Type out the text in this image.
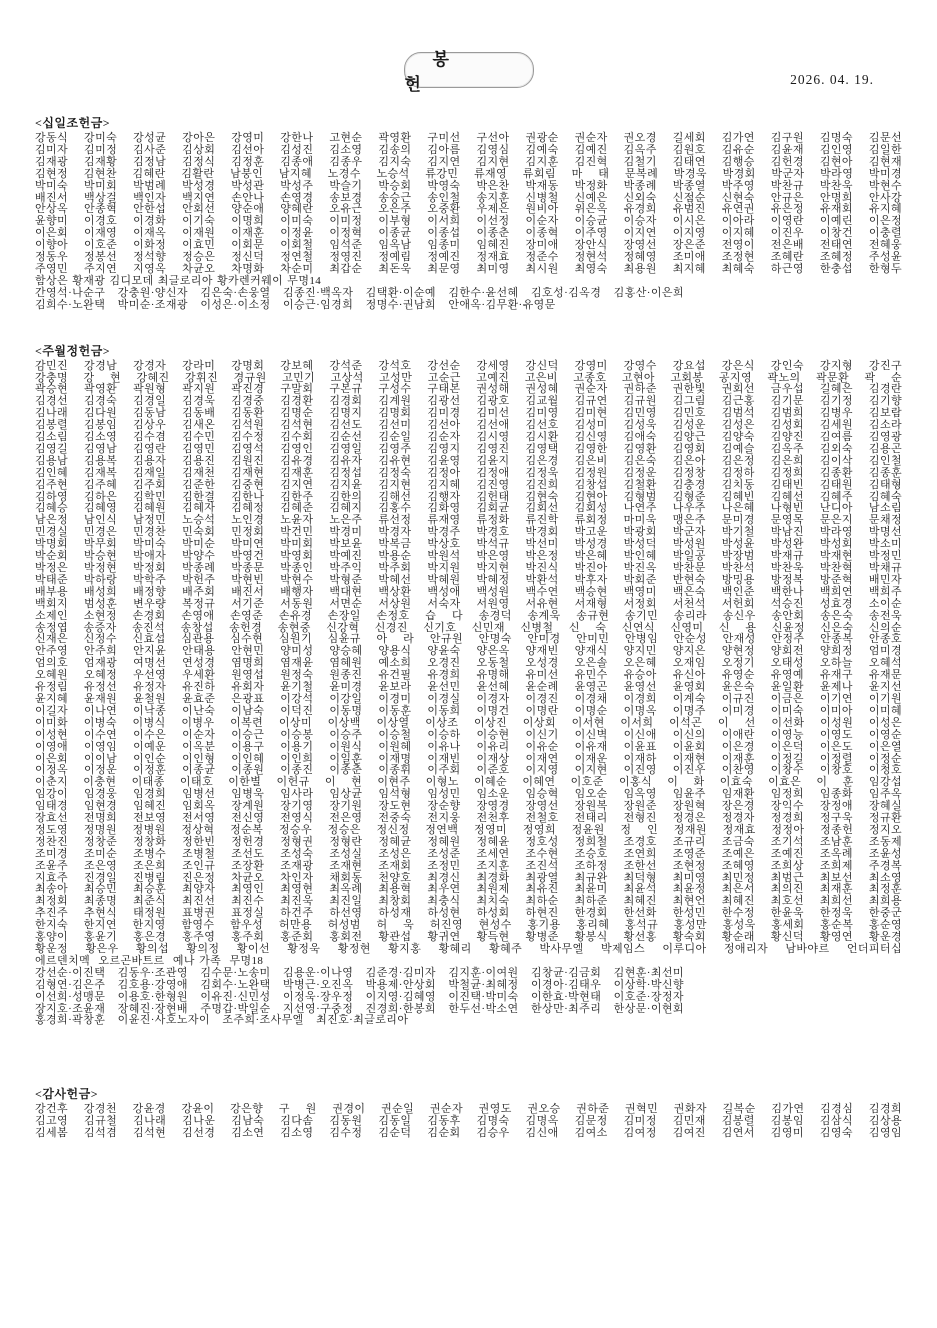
봉 헌	2026. 04. 19.
<십일조헌금>
강동식 강미숙 강성균 강아은 강영미 강한나 고현순 곽영환 구미선 구선아 권광순 권순자 권오경 길세회 김가연 김구원 김명숙 김문선
김미자 김미정 김사준 김상회 김선아 김성진 김소영 김송의 김아름 김영심 김예숙 김예진 김옥주 김원호 김유순 김윤재 김인영 김일한
김재광 김재황 김정남 김정식 김정훈 김종애 김종우 김지숙 김지연 김지현 김지훈 김진혁 김철기 김태연 김행승 김헌경 김현아 김현재
김현정 김현찬 김혜란 김활란 남붕인 남지혜 노경수 노승석 류강민 류재영 류회림 마 태 문복례 박경욱 박경회 박군자 박라영 박미경
박미숙 박미회 박범례 박성경 박성관 박성주 박슬기 박승회 박영숙 박은찬 박재동 박정화 박종례 박종열 박주영 박찬규 박찬욱 박현수
배진서 백상걸 백인자 백지연 손안나 손영경 송보경 송승근 송인철 송지훈 신병철 신예은 신외숙 신점순 신현숙 안규은 안명희 안사강
안상옥 안종혁 안한섭 안회선 양순애 양혜란 오유근 오은주 오중환 우제은 원비아 위은옥 유경희 유범진 유연권 유은정 유재회 유지혜
윤향미 이경호 이경화 이기숙 이명희 이미숙 이미정 이부형 이서희 이선정 이순자 이승균 이승자 이시은 이아라 이영란 이예린 이은정
이은회 이재영 이재옥 이재원 이재훈 이정윤 이정혁 이종균 이종섭 이종춘 이종혁 이주영 이지연 이지영 이지혜 이진우 이창건 이충렬
이향아 이호준 이화정 이효민 이회문 이회철 임석준 임옥남 임종미 임혜진 장미애 장안식 장영선 장은준 전영이 전은배 전태연 전혜웅
정동우 정봉선 정석향 정승은 정신덕 정연철 정영진 정예림 정예진 정재효 정준수 정현석 정혜영 조미애 조정현 조혜란 조혜정 주성윤
주영민 주지연 지영옥 차균오 차명화 차순미 최갑순 최돈욱 최문영 최미영 최시원 최영숙 최용원 최지혜 최혜숙 하근영 한충섭 한형두
함상은 황재광 김디모데 최글로리아 황카렌커웨이 무명14
간영석·나순구   강충원·양신자   김은숙·손웅열   김종진·백옥자   김택환·이순예   김한수·윤선혜   김호성·김옥경   김홍산·이은희
김희수·노완택   박미순·조재광   이성은·이소정   이승근·임경희   정명수·권남희   안애옥·김무환·유영문
<주월정헌금>
감민진 강경남 강경자 강라미 강명회 강보혜 강석준 강석호 강선순 강세영 강신덕 강영미 강영수 강요섭 강은식 강인숙 강지형 강진구
강충명 강 현 강혜진 강휘진 경규원 고민기 고상석 고성만 고순근 고예진 고은비 고종호 고현아 고회봉 공지영 곽노의 곽문환 곽 순
곽승현 곽영환 곽원형 곽지원 곽진경 구말회 구본규 구성수 구태본 권성해 권성혜 권순자 권하준 권한빛 권회선 금우섭 길혜은 김경란
김경선 김경숙 김경일 김경욱 김경중 김경환 김경회 김계원 김광선 김광호 김교월 김규연 김규원 김그림 김근홍 김기문 김기정 김기향
김나래 김다원 김동남 김동배 김동환 김명순 김명지 김명회 김미경 김미선 김미영 김미현 김민영 김민호 김범석 김범희 김병우 김보람
김봉렬 김봉임 김상우 김새온 김석원 김석현 김선도 김선미 김선아 김선애 김선호 김성미 김성욱 김성운 김성은 김성회 김세원 김소라
김소림 김소영 김수겸 김수민 김수정 김수회 김순선 김순일 김순자 김시영 김시환 김신영 김애숙 김양근 김양숙 김양진 김여름 김영광
김영길 김영남 김영란 김영민 김영석 김영인 김영일 김영주 김영지 김영진 김영택 김영한 김영환 김영회 김예슬 김옥주 김외숙 김용곤
김용남 김용복 김용자 김용진 김원진 김유경 김유자 김유현 김윤영 김윤지 김은경 김은비 김은숙 김은아 김은정 김은희 김이삭 김인철
김인혜 김재복 김재일 김재천 김재현 김재훈 김정섭 김정숙 김정아 김정애 김정욱 김정원 김정운 김정창 김정하 김정희 김종환 김종훈
김주현 김주혜 김주회 김준한 김중현 김지연 김지윤 김지현 김지혜 김진영 김진희 김창섭 김철환 김충경 김치동 김태빈 김태원 김태형
김하영 김하은 김학민 김한결 김한나 김한주 김한의 김해선 김행자 김헌태 김현숙 김현아 김형범 김형준 김혜빈 김혜선 김혜주 김혜숙
김혜승 김혜영 김혜원 김혜자 김혜정 김혜준 김혜지 김홍수 김화영 김회균 김회선 김회성 나연주 나우주 나은혜 나형빈 난디아 남소림
남은정 남인식 남정민 노승석 노인경 노윤자 노은주 류선정 류재영 류정화 류진학 류회정 마미욱 맹은주 문미경 문영목 문은지 문채정
민경실 민경은 민경찬 민숙회 민정회 박건민 박경미 박경자 박경주 박경호 박경회 박고운 박광회 박군자 박기철 박남진 박라영 박명선
박명회 박무회 박미숙 박미순 박미연 박미회 박보윤 박복금 박상호 박석규 박선미 박성경 박성덕 박성원 박성윤 박성완 박성회 박소미
박순회 박승현 박애자 박양수 박영건 박영회 박예진 박용순 박원석 박은영 박은정 박은혜 박인혜 박일공 박장범 박재규 박재현 박정민
박정은 박정현 박정회 박종례 박종문 박종인 박주익 박주회 박지원 박지현 박진식 박진아 박진옥 박찬문 박찬석 박찬욱 박찬혁 박채규
박태준 박하랑 박학주 박헌주 박현빈 박현수 박형준 박혜선 박혜원 박혜정 박환석 박후자 박회준 반현숙 방밍용 방정복 방준혁 배민자
배부용 배성희 배정향 배주회 배진서 배행자 백대현 백상환 백성애 백성원 백수연 백승현 백영미 백은숙 백인준 백한나 백희연 백희주
백회지 범성훈 변우량 복정규 서기준 서동원 서면순 서상원 서숙자 서원영 서유현 서재형 서정회 서천석 서헌회 석승진 성효경 소이순
소제인 소현정 손경회 손영애 손영준 손유경 손장일 손정호 습 다 송경덕 송계욱 송규현 송기민 송리라 송신우 송안회 송은숙 송전욱
송정엽 송증자 송진석 송창섭 송헌경 송현중 신강혁 신경진 신기호 신민재 신병철 신 숙 신연식 신영미 신 용 신윤정 신은숙 신의순
신재은 신정수 신효섭 심관용 심수현 심원기 심윤규 아 라 안규원 안명숙 안미경 안미민 안병임 안순성 안재성 안정주 안종복 안종호
안주영 안주희 안지윤 안태용 안현민 양미성 양승혜 양용식 양윤숙 양은옥 양재빈 양재식 양지민 양지은 양현정 양회전 양희정 엄미경
엄의호 엄재광 여명선 연성경 염명희 염재윤 염혜원 예소희 오경진 오동철 오성경 오은솔 오은혜 오재임 오정기 오태성 오하늘 오혜석
오혜원 오혜정 우선영 우세환 원영섭 원정숙 원종진 유건필 유경희 유명해 유미선 유민수 유승아 유신아 유영순 유영예 유재구 유재문
유정림 유정선 유정자 유진하 유회자 윤기철 윤미경 윤보라 윤선민 윤선혜 윤순례 윤영곤 윤영선 윤영회 윤은숙 윤일환 윤제나 윤지선
윤지혜 윤재원 윤철원 윤효준 은광표 이강석 이강일 이경미 이경실 이경자 이경진 이경채 이경희 이계숙 이규진 이금은 이기연 이기원
이길자 이나연 이낙종 이난숙 이남숙 이덕진 이동명 이동훈 이동희 이명건 이명란 이명순 이명옥 이명주 이미경 이미숙 이미아 이미혜
이미화 이병숙 이병식 이병우 이복련 이상미 이상백 이상열 이상조 이상진 이상회 이서현 이서희 이석곤 이 선 이선화 이성원 이성은
이성현 이수연 이수은 이순자 이승근 이승봉 이승주 이승철 이승하 이승현 이신기 이신벽 이신애 이신의 이애란 이영능 이영도 이영순
이영애 이영임 이예운 이옥분 이용구 이용기 이원식 이원혜 이유나 이유리 이유순 이유재 이윤표 이윤회 이은경 이은덕 이은도 이은열
이은회 이이남 이인순 이인형 이인혜 이인희 이일훈 이재명 이재빈 이재상 이재연 이재운 이재하 이재현 이재훈 이정길 이정렬 이정순
이정옥 이정운 이정훈 이종균 이종원 이종진 이종춘 이종휘 이주회 이준호 이지영 이지현 이진영 이진우 이찬영 이창수 이창호 이청호
이춘지 이충현 이태종 이태호 이한별 이헌규 이 현 이현주 이형노 이혜순 이혜연 이호준 이홍식 이 화 이효숙 이효은 이 훈 임강섭
임강이 임경웅 임경희 임병선 임병욱 임사라 임상균 임석형 임성민 임소운 임승혁 임오순 임옥영 임윤주 임재환 임정희 임종화 임주옥
임태경 임현경 임혜진 임회옥 장계원 장기영 장기원 장도현 장순향 장영경 장영선 장원복 장원준 장원혁 장은경 장익수 장정애 장혜실
장효선 전명희 전보영 전서영 전신영 전영식 전은영 전중숙 전지웅 전천후 전철호 전태리 전형진 정경은 정경자 정경희 정구욱 정규환
정도영 정명원 정병원 정상혁 정순복 정승우 정승은 정신정 정연백 정영미 정영희 정윤원 정 인 정재원 정재효 정정아 정종헌 정지오
정찬진 정창준 정창화 정한빈 정헌경 정형권 정형란 정혜균 정혜원 정혜윤 정호성 정희철 조경호 조규리 조금숙 조기석 조남훈 조동제
조미경 조미순 조병수 조병철 조선도 조성숙 조성실 조성은 조성준 조세연 조수현 조승호 조연희 조영준 조예은 조예진 조옥례 조윤성
조윤주 조은영 조은희 조인규 조장환 조재광 조재현 조재회 조정민 조지훈 조진석 조하정 조한선 조현정 조혜영 조희상 조희제 주경복
지효주 진경일 진병림 진은정 차균오 차인자 채회동 천양호 최경신 최경화 최광열 최규완 최덕형 최미영 최민정 최범근 최보선 최소영
최송아 최승민 최승훈 최양자 최영인 최영현 최옥례 최용혁 최우연 최원제 최유진 최윤미 최윤석 최윤정 최은서 최의진 최재훈 최정훈
최정회 최종명 최준식 최진선 최진수 최진욱 최진일 최창회 최충식 최치숙 최하순 최하준 최혜진 최현언 최혜진 최호선 최희선 최희용
추진주 추현식 태정원 표병권 표정실 하건주 하선영 하성재 하성현 하성회 하현진 한경회 한선화 한성민 한수정 한윤욱 한정욱 한중군
한지숙 한지연 한지영 함영수 함우성 허만용 허성범 허 욱 허진영 현성수 홍기용 홍리혜 홍석규 홍성만 홍성욱 홍세회 홍순복 홍순영
홍양이 홍윤기 홍은경 홍주영 홍주회 홍준회 홍회전 황관섭 황귀연 황득현 황병준 황봉식 황선홍 황숙회 황순래 황신덕 황영연 황운경
황운정 황은우 황의섭 황의정 황이선 황정욱 황정현 황지홍 황혜리 황혜주 박사무엘 박제임스 이루디아 정애리자 남바야르 언더피터십
에르덴치멕  오르곤바트르  예나 가족  무명18
강선순·이진택   김동우·조관영   김수문·노송미   김용운·이나영   김준경·김미자   김지훈·이여원   김창균·김금회   김현훈·최선미
김형연·김은주   김호용·강영애   김회수·노완택   박병근·오진옥   박용제·안상회   박철균·최혜정   이경아·김태우   이상학·박신향
이선희·성맹문   이용호·한형원   이유진·신민성   이정욱·장우정   이지영·김혜영   이진택·박미숙   이한효·박현태   이호준·장정자
장지호·조윤재   장혜진·장현배   주명갑·박일순   지선영·구중정   진경희·한봉희   한두선·박소연   한상만·최주리   한상문·이현회
홍경희·곽창훈   이윤진·사호노자이   조주희·조사무엘   최진호·최글로리아
<감사헌금>
강건후 강경천 강윤경 강윤이 강은향 구 원 권경이 권순일 권순자 권영도 권오승 권하준 권혁민 권화자 길복순 김가연 김경심 김경희
김고영 김규철 김나래 김나운 김남숙 김다솜 김동원 김동일 김동후 김명숙 김명옥 김문정 김미정 김민재 김봉렬 김봉임 김삼식 김상용
김세봄 김석겸 김석현 김선경 김소연 김소영 김수정 김순덕 김순회 김승우 김신애 김여소 김여정 김여진 김연서 김영미 김영숙 김영임
